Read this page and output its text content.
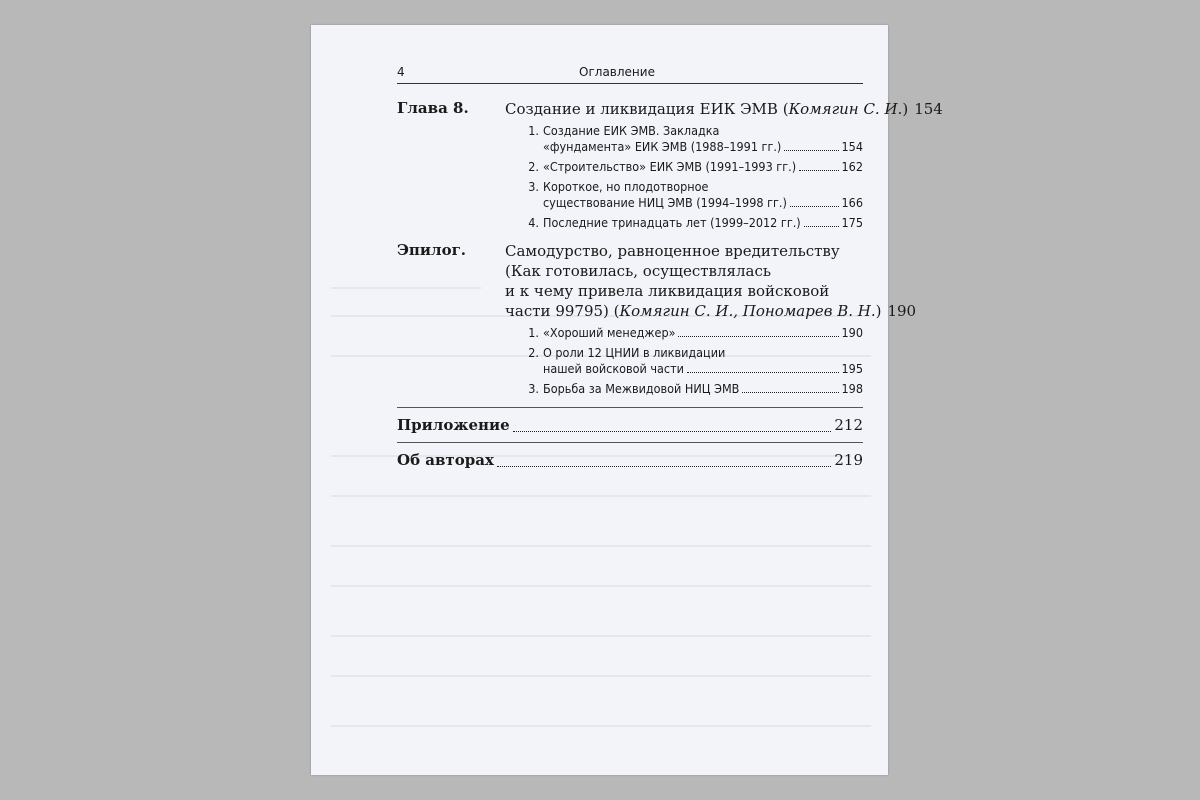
4	Оглавление
Глава 8. Создание и ликвидация ЕИК ЭМВ (Комягин С. И.) 154
1. Создание ЕИК ЭМВ. Закладка
«фундамента» ЕИК ЭМВ (1988–1991 гг.)	154
2. «Строительство» ЕИК ЭМВ (1991–1993 гг.)	162
3. Короткое, но плодотворное
существование НИЦ ЭМВ (1994–1998 гг.)	166
4. Последние тринадцать лет (1999–2012 гг.)	175
Эпилог.	Самодурство, равноценное вредительству
(Как готовилась, осуществлялась
и к чему привела ликвидация войсковой
части 99795) (Комягин С. И., Пономарев В. Н.) 190
1. «Хороший менеджер»	190
2. О роли 12 ЦНИИ в ликвидации
нашей войсковой части	195
3. Борьба за Межвидовой НИЦ ЭМВ	198
Приложение	212
Об авторах	219
